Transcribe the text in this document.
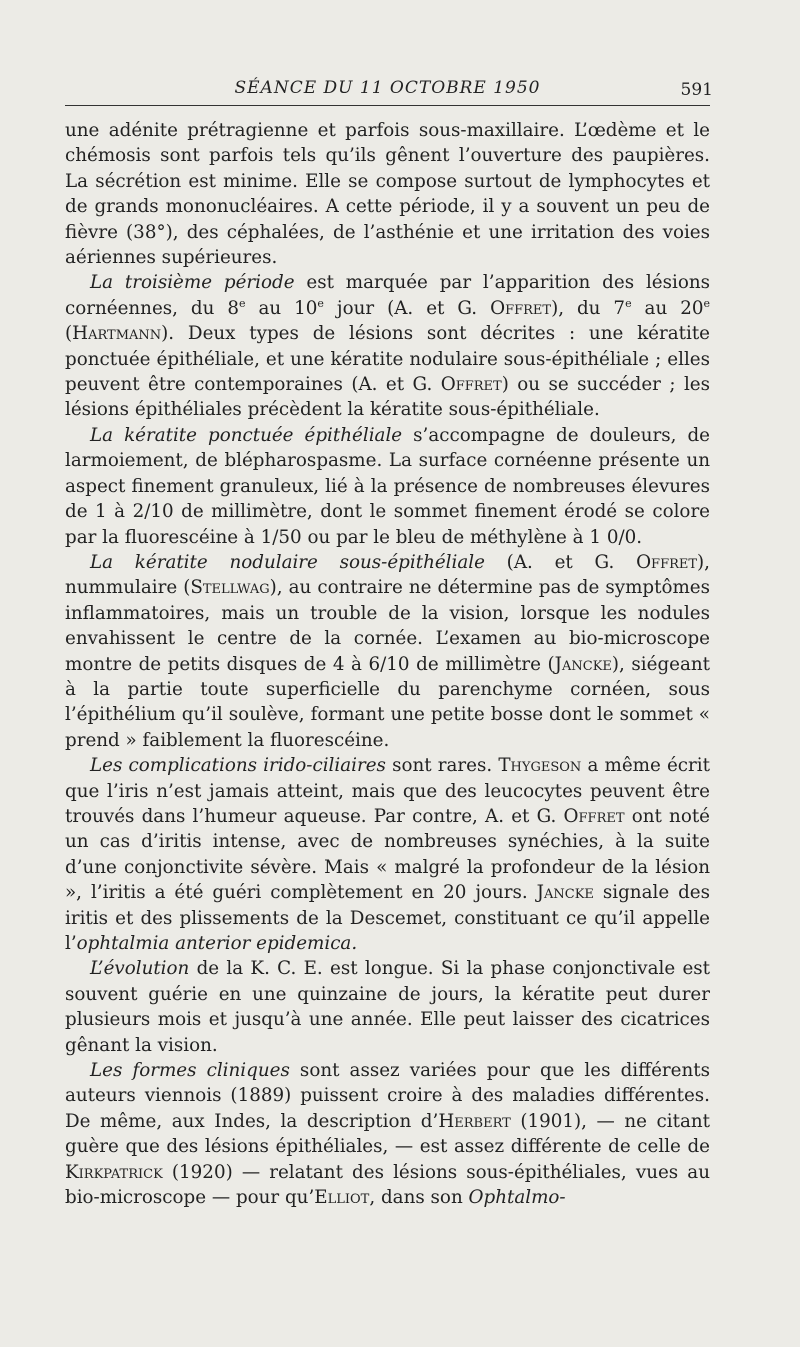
SÉANCE DU 11 OCTOBRE 1950	591

une adénite prétragienne et parfois sous-maxillaire. L’œdème et le chémosis sont parfois tels qu’ils gênent l’ouverture des paupières. La sécrétion est minime. Elle se compose surtout de lymphocytes et de grands mononucléaires. A cette période, il y a souvent un peu de fièvre (38°), des céphalées, de l’asthénie et une irritation des voies aériennes supérieures.

La troisième période est marquée par l’apparition des lésions cornéennes, du 8e au 10e jour (A. et G. Offret), du 7e au 20e (Hartmann). Deux types de lésions sont décrites : une kératite ponctuée épithéliale, et une kératite nodulaire sous-épithéliale ; elles peuvent être contemporaines (A. et G. Offret) ou se succéder ; les lésions épithéliales précèdent la kératite sous-épithéliale.

La kératite ponctuée épithéliale s’accompagne de douleurs, de larmoiement, de blépharospasme. La surface cornéenne présente un aspect finement granuleux, lié à la présence de nombreuses élevures de 1 à 2/10 de millimètre, dont le sommet finement érodé se colore par la fluorescéine à 1/50 ou par le bleu de méthylène à 1 0/0.

La kératite nodulaire sous-épithéliale (A. et G. Offret), nummulaire (Stellwag), au contraire ne détermine pas de symptômes inflammatoires, mais un trouble de la vision, lorsque les nodules envahissent le centre de la cornée. L’examen au bio-microscope montre de petits disques de 4 à 6/10 de millimètre (Jancke), siégeant à la partie toute superficielle du parenchyme cornéen, sous l’épithélium qu’il soulève, formant une petite bosse dont le sommet « prend » faiblement la fluorescéine.

Les complications irido-ciliaires sont rares. Thygeson a même écrit que l’iris n’est jamais atteint, mais que des leucocytes peuvent être trouvés dans l’humeur aqueuse. Par contre, A. et G. Offret ont noté un cas d’iritis intense, avec de nombreuses synéchies, à la suite d’une conjonctivite sévère. Mais « malgré la profondeur de la lésion », l’iritis a été guéri complètement en 20 jours. Jancke signale des iritis et des plissements de la Descemet, constituant ce qu’il appelle l’ophtalmia anterior epidemica.

L’évolution de la K. C. E. est longue. Si la phase conjonctivale est souvent guérie en une quinzaine de jours, la kératite peut durer plusieurs mois et jusqu’à une année. Elle peut laisser des cicatrices gênant la vision.

Les formes cliniques sont assez variées pour que les différents auteurs viennois (1889) puissent croire à des maladies différentes. De même, aux Indes, la description d’Herbert (1901), — ne citant guère que des lésions épithéliales, — est assez différente de celle de Kirkpatrick (1920) — relatant des lésions sous-épithéliales, vues au bio-microscope — pour qu’Elliot, dans son Ophtalmo-
